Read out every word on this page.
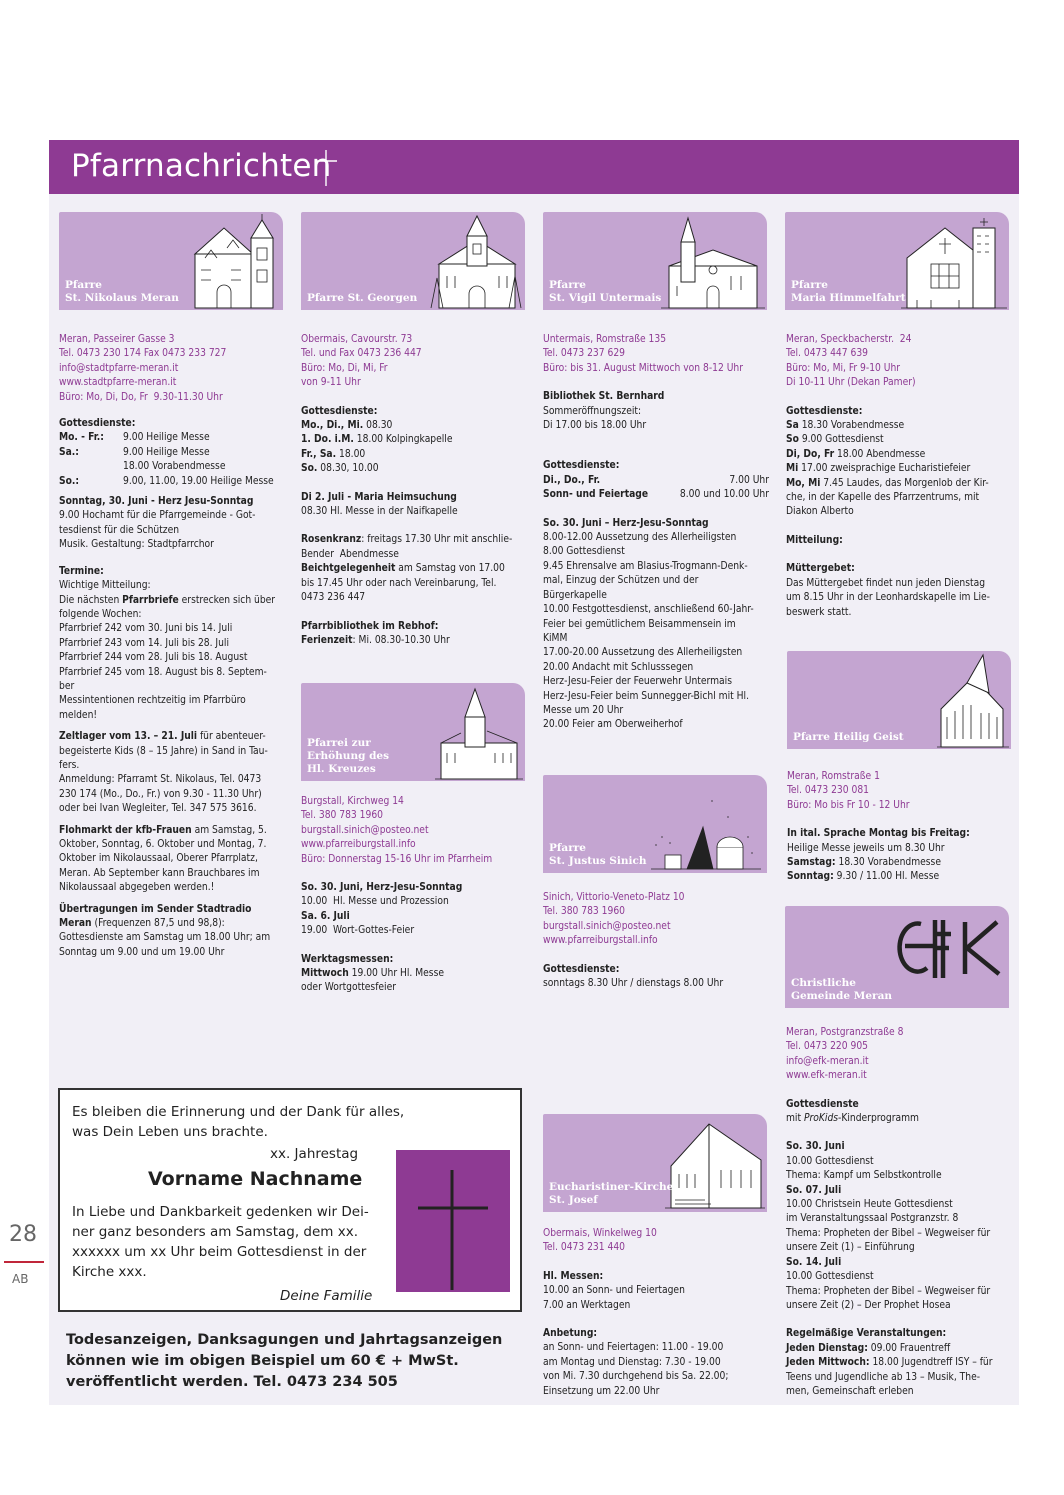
Pfarrnachrichten
28
AB
Pfarre
St. Nikolaus Meran
Meran, Passeirer Gasse 3
Tel. 0473 230 174 Fax 0473 233 727
info@stadtpfarre-meran.it
www.stadtpfarre-meran.it
Büro: Mo, Di, Do, Fr  9.30-11.30 Uhr
Gottesdienste:
Mo. - Fr.:	9.00 Heilige Messe
Sa.:	9.00 Heilige Messe
18.00 Vorabendmesse
So.:	9.00, 11.00, 19.00 Heilige Messe
Sonntag, 30. Juni - Herz Jesu-Sonntag
9.00 Hochamt für die Pfarrgemeinde - Got-
tesdienst für die Schützen
Musik. Gestaltung: Stadtpfarrchor
Termine:
Wichtige Mitteilung:
Die nächsten Pfarrbriefe erstrecken sich über
folgende Wochen:
Pfarrbrief 242 vom 30. Juni bis 14. Juli
Pfarrbrief 243 vom 14. Juli bis 28. Juli
Pfarrbrief 244 vom 28. Juli bis 18. August
Pfarrbrief 245 vom 18. August bis 8. Septem-
ber
Messintentionen rechtzeitig im Pfarrbüro
melden!
Zeltlager vom 13. – 21. Juli für abenteuer-
begeisterte Kids (8 – 15 Jahre) in Sand in Tau-
fers.
Anmeldung: Pfarramt St. Nikolaus, Tel. 0473
230 174 (Mo., Do., Fr.) von 9.30 - 11.30 Uhr)
oder bei Ivan Wegleiter, Tel. 347 575 3616.
Flohmarkt der kfb-Frauen am Samstag, 5.
Oktober, Sonntag, 6. Oktober und Montag, 7.
Oktober im Nikolaussaal, Oberer Pfarrplatz,
Meran. Ab September kann Brauchbares im
Nikolaussaal abgegeben werden.!
Übertragungen im Sender Stadtradio
Meran (Frequenzen 87,5 und 98,8):
Gottesdienste am Samstag um 18.00 Uhr; am
Sonntag um 9.00 und um 19.00 Uhr
Pfarre St. Georgen
Obermais, Cavourstr. 73
Tel. und Fax 0473 236 447
Büro: Mo, Di, Mi, Fr
von 9-11 Uhr
Gottesdienste:
Mo., Di., Mi. 08.30
1. Do. i.M. 18.00 Kolpingkapelle
Fr., Sa. 18.00
So. 08.30, 10.00
Di 2. Juli - Maria Heimsuchung
08.30 Hl. Messe in der Naifkapelle
Rosenkranz: freitags 17.30 Uhr mit anschlie-
Bender  Abendmesse
Beichtgelegenheit am Samstag von 17.00
bis 17.45 Uhr oder nach Vereinbarung, Tel.
0473 236 447
Pfarrbibliothek im Rebhof:
Ferienzeit: Mi. 08.30-10.30 Uhr
Pfarrei zur
Erhöhung des
Hl. Kreuzes
Burgstall, Kirchweg 14
Tel. 380 783 1960
burgstall.sinich@posteo.net
www.pfarreiburgstall.info
Büro: Donnerstag 15-16 Uhr im Pfarrheim
So. 30. Juni, Herz-Jesu-Sonntag
10.00  Hl. Messe und Prozession
Sa. 6. Juli
19.00  Wort-Gottes-Feier
Werktagsmessen:
Mittwoch 19.00 Uhr Hl. Messe
oder Wortgottesfeier
Pfarre
St. Vigil Untermais
Untermais, Romstraße 135
Tel. 0473 237 629
Büro: bis 31. August Mittwoch von 8-12 Uhr
Bibliothek St. Bernhard
Sommeröffnungszeit:
Di 17.00 bis 18.00 Uhr
Gottesdienste:
Di., Do., Fr.	7.00 Uhr
Sonn- und Feiertage	8.00 und 10.00 Uhr
So. 30. Juni – Herz-Jesu-Sonntag
8.00-12.00 Aussetzung des Allerheiligsten
8.00 Gottesdienst
9.45 Ehrensalve am Blasius-Trogmann-Denk-
mal, Einzug der Schützen und der
Bürgerkapelle
10.00 Festgottesdienst, anschließend 60-Jahr-
Feier bei gemütlichem Beisammensein im
KiMM
17.00-20.00 Aussetzung des Allerheiligsten
20.00 Andacht mit Schlusssegen
Herz-Jesu-Feier der Feuerwehr Untermais
Herz-Jesu-Feier beim Sunnegger-Bichl mit Hl.
Messe um 20 Uhr
20.00 Feier am Oberweiherhof
Pfarre
St. Justus Sinich
Sinich, Vittorio-Veneto-Platz 10
Tel. 380 783 1960
burgstall.sinich@posteo.net
www.pfarreiburgstall.info
Gottesdienste:
sonntags 8.30 Uhr / dienstags 8.00 Uhr
Eucharistiner-Kirche
St. Josef
Obermais, Winkelweg 10
Tel. 0473 231 440
Hl. Messen:
10.00 an Sonn- und Feiertagen
7.00 an Werktagen
Anbetung:
an Sonn- und Feiertagen: 11.00 - 19.00
am Montag und Dienstag: 7.30 - 19.00
von Mi. 7.30 durchgehend bis Sa. 22.00;
Einsetzung um 22.00 Uhr
Pfarre
Maria Himmelfahrt
Meran, Speckbacherstr.  24
Tel. 0473 447 639
Büro: Mo, Mi, Fr 9-10 Uhr
Di 10-11 Uhr (Dekan Pamer)
Gottesdienste:
Sa 18.30 Vorabendmesse
So 9.00 Gottesdienst
Di, Do, Fr 18.00 Abendmesse
Mi 17.00 zweisprachige Eucharistiefeier
Mo, Mi 7.45 Laudes, das Morgenlob der Kir-
che, in der Kapelle des Pfarrzentrums, mit
Diakon Alberto
Mitteilung:
Müttergebet:
Das Müttergebet findet nun jeden Dienstag
um 8.15 Uhr in der Leonhardskapelle im Lie-
beswerk statt.
Pfarre Heilig Geist
Meran, Romstraße 1
Tel. 0473 230 081
Büro: Mo bis Fr 10 - 12 Uhr
In ital. Sprache Montag bis Freitag:
Heilige Messe jeweils um 8.30 Uhr
Samstag: 18.30 Vorabendmesse
Sonntag: 9.30 / 11.00 Hl. Messe
Christliche
Gemeinde Meran
Meran, Postgranzstraße 8
Tel. 0473 220 905
info@efk-meran.it
www.efk-meran.it
Gottesdienste
mit ProKids-Kinderprogramm
So. 30. Juni
10.00 Gottesdienst
Thema: Kampf um Selbstkontrolle
So. 07. Juli
10.00 Christsein Heute Gottesdienst
im Veranstaltungssaal Postgranzstr. 8
Thema: Propheten der Bibel – Wegweiser für
unsere Zeit (1) – Einführung
So. 14. Juli
10.00 Gottesdienst
Thema: Propheten der Bibel – Wegweiser für
unsere Zeit (2) – Der Prophet Hosea
Regelmäßige Veranstaltungen:
Jeden Dienstag: 09.00 Frauentreff
Jeden Mittwoch: 18.00 Jugendtreff ISY – für
Teens und Jugendliche ab 13 – Musik, The-
men, Gemeinschaft erleben
Es bleiben die Erinnerung und der Dank für alles,
was Dein Leben uns brachte.
xx. Jahrestag
Vorname Nachname
In Liebe und Dankbarkeit gedenken wir Dei-
ner ganz besonders am Samstag, dem xx.
xxxxxx um xx Uhr beim Gottesdienst in der
Kirche xxx.
Deine Familie
Todesanzeigen, Danksagungen und Jahrtagsanzeigen
können wie im obigen Beispiel um 60 € + MwSt.
veröffentlicht werden. Tel. 0473 234 505
